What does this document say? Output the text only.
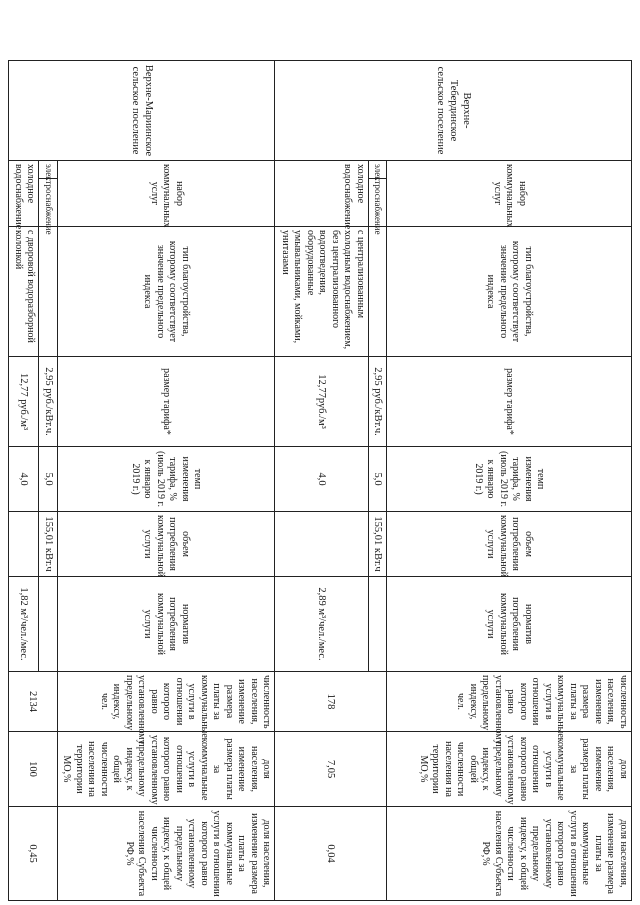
Верхне-Тебердинское сельское поселение	набор коммунальных услуг		тип благоустройства, которому соответствует значение предельного индекса	размер тарифа*	темп изменения тарифа, % (июль 2019 г. к январю 2019 г.)	объем потребления коммунальной услуги	норматив потребления коммунальной услуги	численность населения, изменение размера платы за коммунальные услуги в отношении которого равно установленному предельному индексу, чел.	доля населения, изменение размера платы за коммунальные услуги в отношении которого равно установленному предельному индексу, к общей численности населения на территории МО,%	доля населения, изменение размера платы за коммунальные услуги в отношении которого равно установленному предельному индексу, к общей численности населения Субъекта РФ,%
	электроснабжение			2,95 руб./кВт.ч.	5,0	155,01 кВт.ч		178	7,05	0,04
	холодное водоснабжение		с централизованным холодным водоснабжением, без централизованного водоотведения, оборудованные умывальниками, мойками, унитазами	12,77руб./м³	4,0		2,89 м³/чел./мес.			
Верхне-Мариинское сельское поселение	набор коммунальных услуг		тип благоустройства, которому соответствует значение предельного индекса	размер тарифа*	темп изменения тарифа, % (июль 2019 г. к январю 2019 г.)	объем потребления коммунальной услуги	норматив потребления коммунальной услуги	численность населения, изменение размера платы за коммунальные услуги в отношении которого равно установленному предельному индексу, чел.	доля населения, изменение размера платы за коммунальные услуги в отношении которого равно установленному предельному индексу, к общей численности населения на территории МО,%	доля населения, изменение размера платы за коммунальные услуги в отношении которого равно установленному предельному индексу, к общей численности населения Субъекта РФ,%
	электроснабжение			2,95 руб./кВт.ч.	5,0	155,01 кВт.ч		2134	100	0,45
	холодное водоснабжение		с дворовой водоразборной колонкой	12,77 руб./м³	4,0		1,82 м³/чел./мес.			
